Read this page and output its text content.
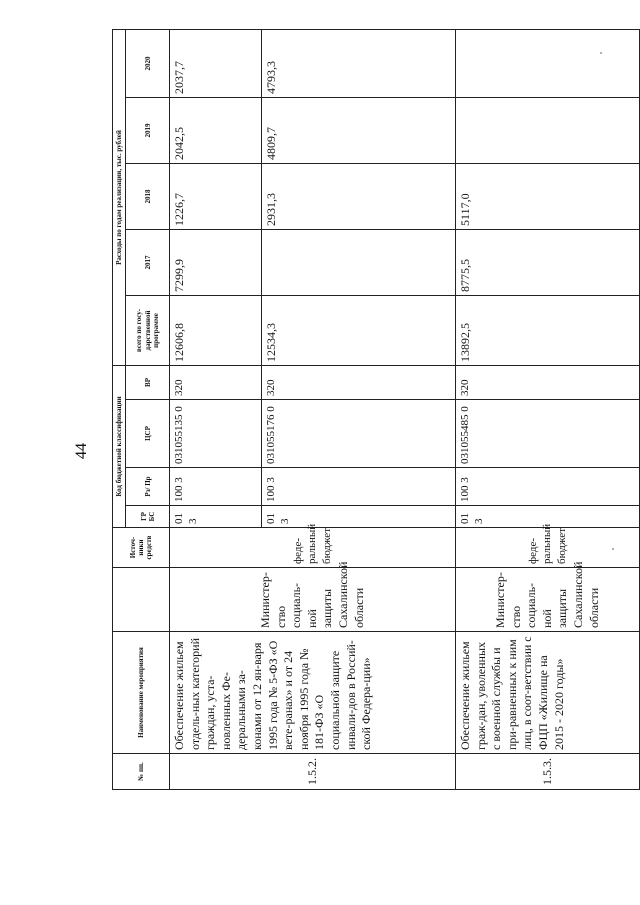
44
№ пп.	Наименование мероприятия		Источ-ники средств	Код бюджетной классификации				Расходы по годам реализации, тыс. рублей				
				ГР БС	Рз/ Пр	ЦСР	ВР	всего по госу-дарственной программе	2017	2018	2019	2020
1.5.2.	Обеспечение жильем отдель-ных категорий граждан, уста-новленных Фе-деральными за-конами от 12 ян-варя 1995 года № 5-ФЗ «О вете-ранах» и от 24 ноября 1995 года № 181-ФЗ «О социальной защите инвали-дов в Россий-ской Федера-ции»	Министер-ство социаль-ной защиты Сахалинской области	феде-ральный бюджет	01 3	100 3	031055135 0	320	12606,8	7299,9	1226,7	2042,5	2037,7
				01 3	100 3	031055176 0	320	12534,3		2931,3	4809,7	4793,3
1.5.3.	Обеспечение жильем граж-дан, уволенных с военной службы и при-равненных к ним лиц, в соот-ветствии с ФЦП «Жилище на 2015 - 2020 годы»	Министер-ство социаль-ной защиты Сахалинской области	феде-ральный бюджет	01 3	100 3	031055485 0	320	13892,5	8775,5	5117,0		
